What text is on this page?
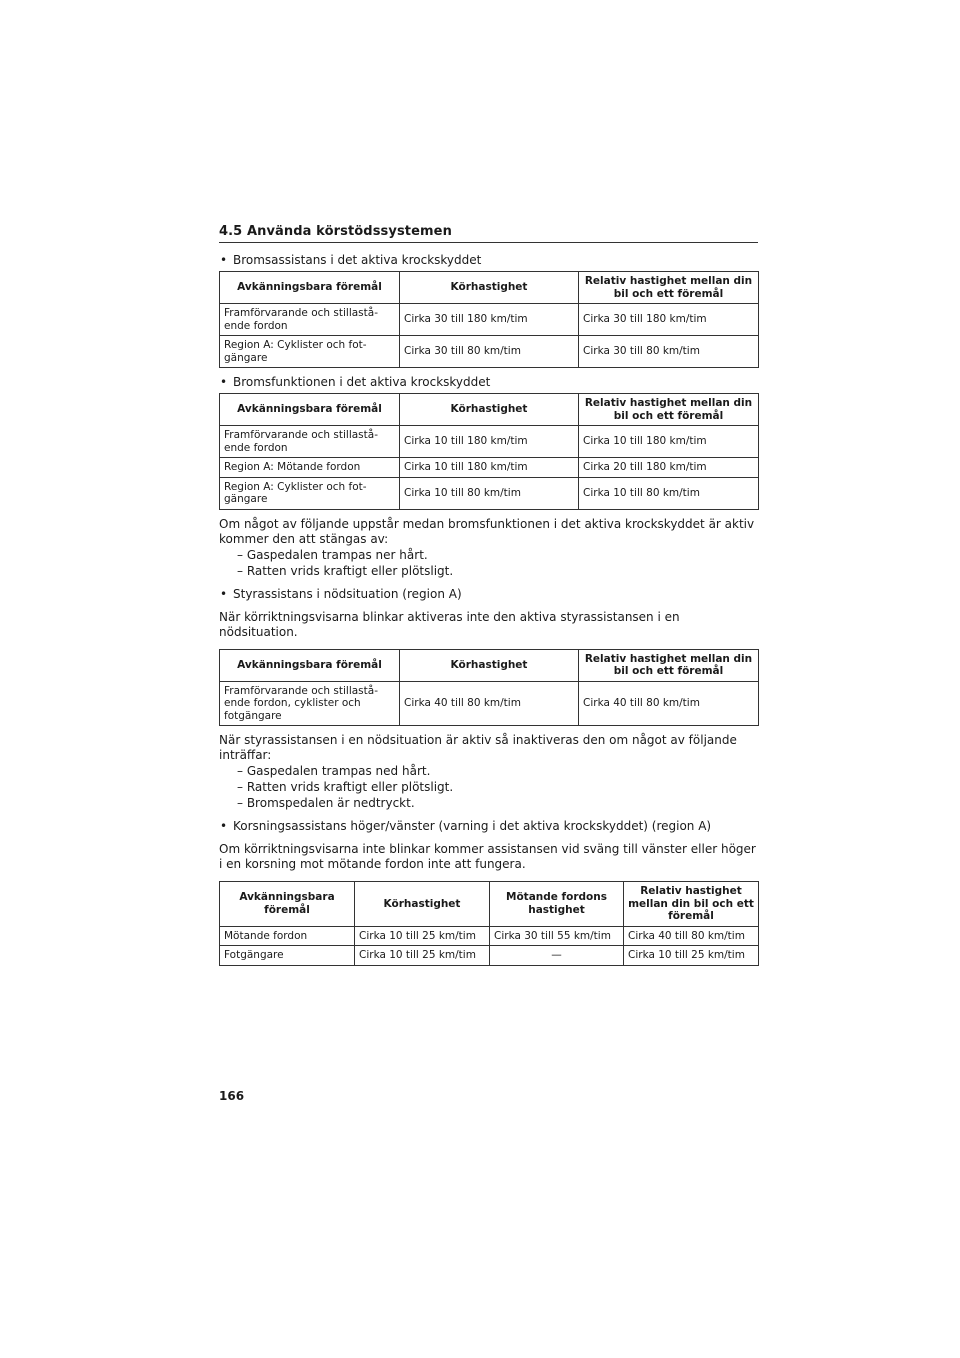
4.5 Använda körstödssystemen
• Bromsassistans i det aktiva krockskyddet
Avkänningsbara föremål	Körhastighet	Relativ hastighet mellan din bil och ett föremål
Framförvarande och stillastå-ende fordon	Cirka 30 till 180 km/tim	Cirka 30 till 180 km/tim
Region A: Cyklister och fot-gängare	Cirka 30 till 80 km/tim	Cirka 30 till 80 km/tim
• Bromsfunktionen i det aktiva krockskyddet
Avkänningsbara föremål	Körhastighet	Relativ hastighet mellan din bil och ett föremål
Framförvarande och stillastå-ende fordon	Cirka 10 till 180 km/tim	Cirka 10 till 180 km/tim
Region A: Mötande fordon	Cirka 10 till 180 km/tim	Cirka 20 till 180 km/tim
Region A: Cyklister och fot-gängare	Cirka 10 till 80 km/tim	Cirka 10 till 80 km/tim
Om något av följande uppstår medan bromsfunktionen i det aktiva krockskyddet är aktiv kommer den att stängas av:
– Gaspedalen trampas ner hårt.
– Ratten vrids kraftigt eller plötsligt.
• Styrassistans i nödsituation (region A)
När körriktningsvisarna blinkar aktiveras inte den aktiva styrassistansen i en nödsituation.
Avkänningsbara föremål	Körhastighet	Relativ hastighet mellan din bil och ett föremål
Framförvarande och stillastå-ende fordon, cyklister och fotgängare	Cirka 40 till 80 km/tim	Cirka 40 till 80 km/tim
När styrassistansen i en nödsituation är aktiv så inaktiveras den om något av följande inträffar:
– Gaspedalen trampas ned hårt.
– Ratten vrids kraftigt eller plötsligt.
– Bromspedalen är nedtryckt.
• Korsningsassistans höger/vänster (varning i det aktiva krockskyddet) (region A)
Om körriktningsvisarna inte blinkar kommer assistansen vid sväng till vänster eller höger i en korsning mot mötande fordon inte att fungera.
Avkänningsbara föremål	Körhastighet	Mötande fordons hastighet	Relativ hastighet mellan din bil och ett föremål
Mötande fordon	Cirka 10 till 25 km/tim	Cirka 30 till 55 km/tim	Cirka 40 till 80 km/tim
Fotgängare	Cirka 10 till 25 km/tim	—	Cirka 10 till 25 km/tim
166
